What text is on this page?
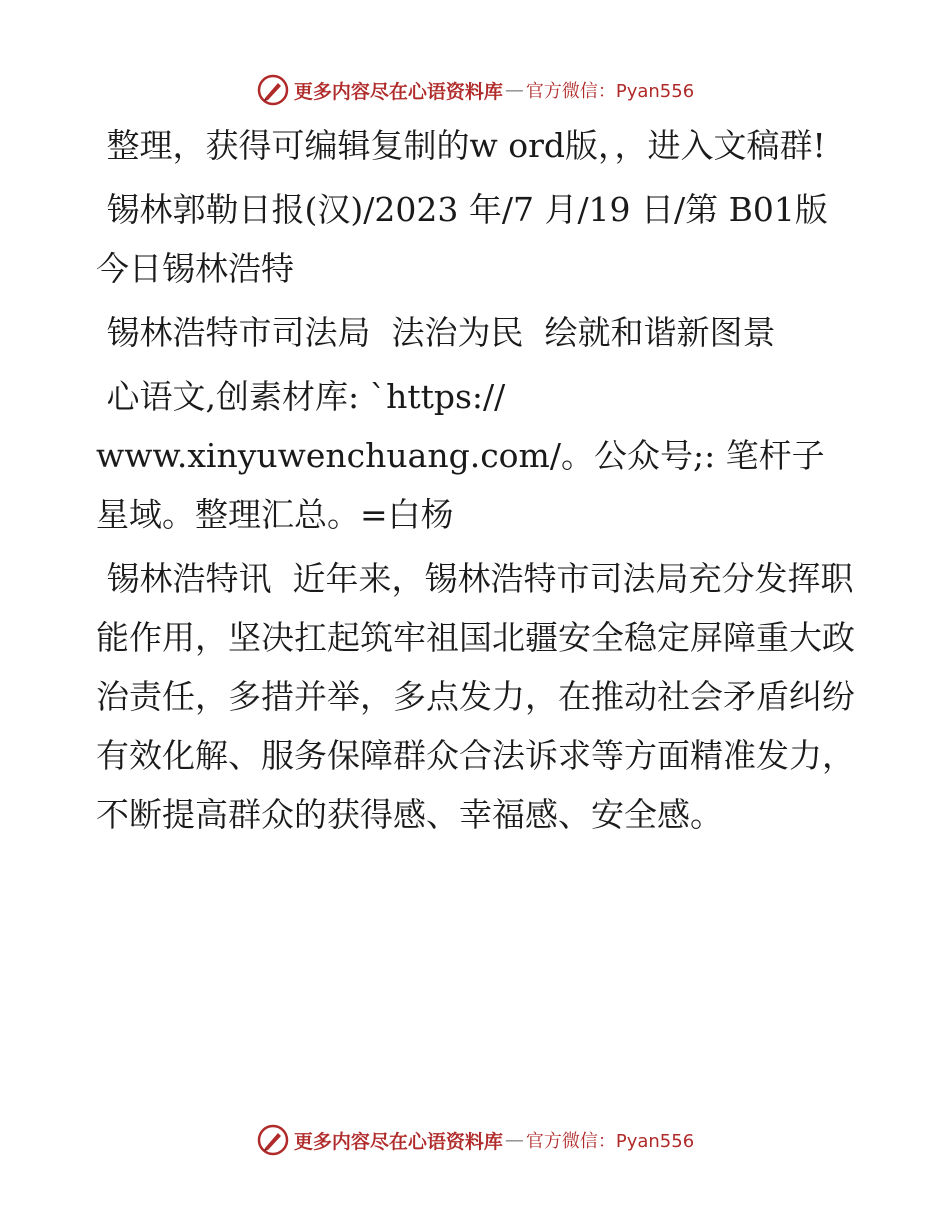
更多内容尽在心语资料库 — 官方微信：Pyan556

整理，获得可编辑复制的w ord版，，进入文稿群!

锡林郭勒日报(汉)/2023 年/7 月/19 日/第 B01版今日锡林浩特

锡林浩特市司法局  法治为民  绘就和谐新图景

心语文,创素材库: `https://
www.xinyuwenchuang.com/。公众号;: 笔杆子星域。整理汇总。=白杨

锡林浩特讯  近年来，锡林浩特市司法局充分发挥职能作用，坚决扛起筑牢祖国北疆安全稳定屏障重大政治责任，多措并举，多点发力，在推动社会矛盾纠纷有效化解、服务保障群众合法诉求等方面精准发力，不断提高群众的获得感、幸福感、安全感。

更多内容尽在心语资料库 — 官方微信：Pyan556
